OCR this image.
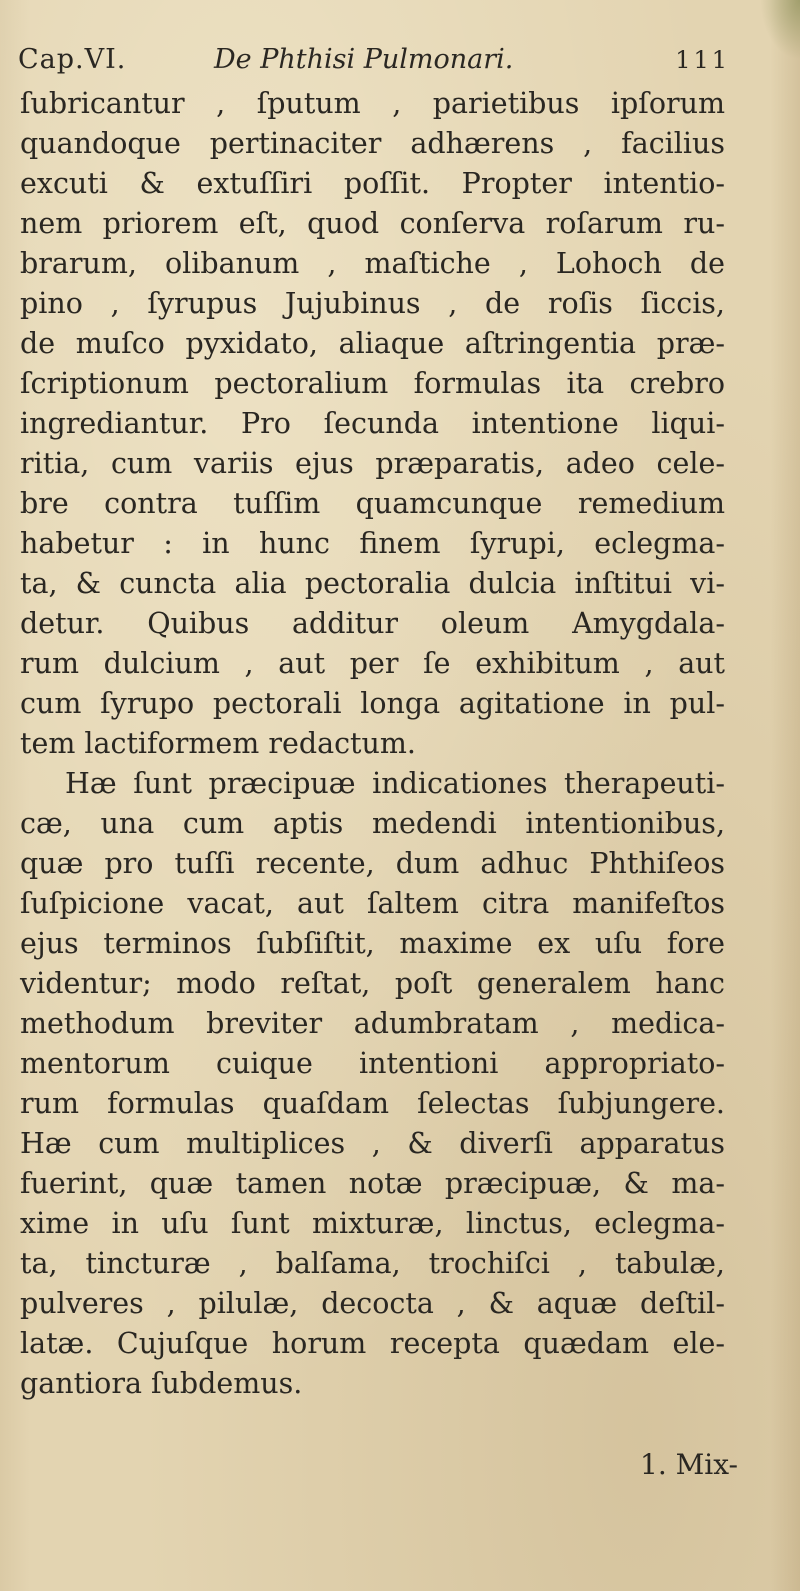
Cap.VI.	De Phthisi Pulmonari.	111
ſubricantur , ſputum , parietibus ipſorum
quandoque pertinaciter adhærens , facilius
excuti & extuſſiri poſſit. Propter intentio-
nem priorem eſt, quod conſerva roſarum ru-
brarum, olibanum , maſtiche , Lohoch de
pino , ſyrupus Jujubinus , de roſis ſiccis,
de muſco pyxidato, aliaque aſtringentia præ-
ſcriptionum pectoralium formulas ita crebro
ingrediantur. Pro ſecunda intentione liqui-
ritia, cum variis ejus præparatis, adeo cele-
bre contra tuſſim quamcunque remedium
habetur : in hunc finem ſyrupi, eclegma-
ta, & cuncta alia pectoralia dulcia inſtitui vi-
detur. Quibus additur oleum Amygdala-
rum dulcium , aut per ſe exhibitum , aut
cum ſyrupo pectorali longa agitatione in pul-
tem lactiformem redactum.
Hæ ſunt præcipuæ indicationes therapeuti-
cæ, una cum aptis medendi intentionibus,
quæ pro tuſſi recente, dum adhuc Phthiſeos
ſuſpicione vacat, aut ſaltem citra manifeſtos
ejus terminos ſubſiſtit, maxime ex uſu fore
videntur; modo reſtat, poſt generalem hanc
methodum breviter adumbratam , medica-
mentorum cuique intentioni appropriato-
rum formulas quaſdam ſelectas ſubjungere.
Hæ cum multiplices , & diverſi apparatus
fuerint, quæ tamen notæ præcipuæ, & ma-
xime in uſu ſunt mixturæ, linctus, eclegma-
ta, tincturæ , balſama, trochiſci , tabulæ,
pulveres , pilulæ, decocta , & aquæ deſtil-
latæ. Cujuſque horum recepta quædam ele-
gantiora ſubdemus.
1. Mix-
